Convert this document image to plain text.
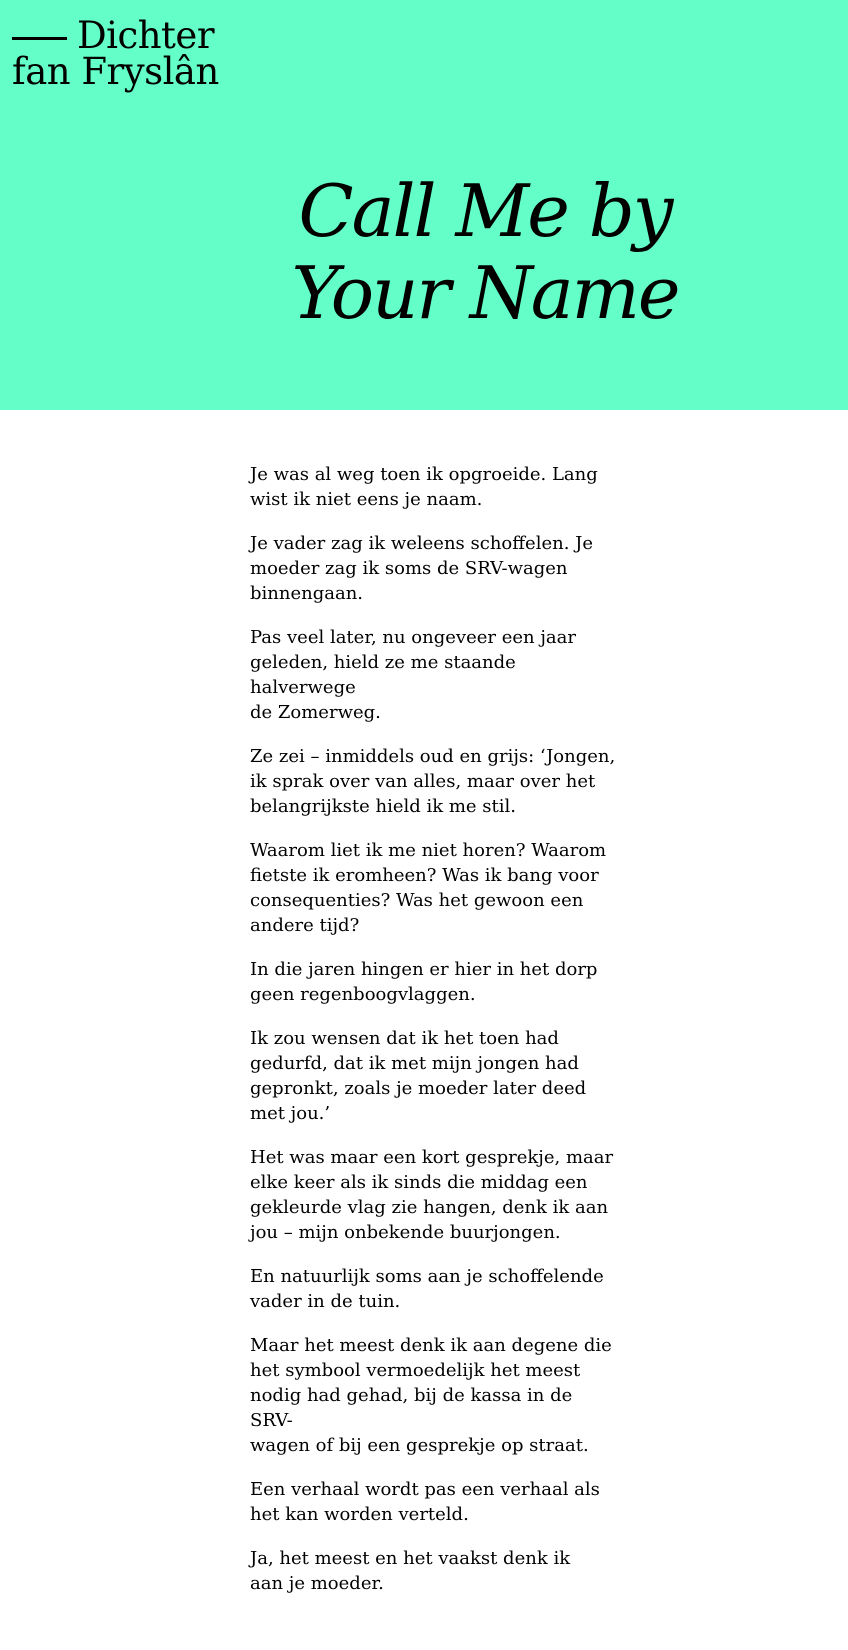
Dichter
fan Fryslân
Call Me by
Your Name

Je was al weg toen ik opgroeide. Lang
wist ik niet eens je naam.

Je vader zag ik weleens schoffelen. Je
moeder zag ik soms de SRV-wagen
binnengaan.

Pas veel later, nu ongeveer een jaar
geleden, hield ze me staande halverwege
de Zomerweg.

Ze zei – inmiddels oud en grijs: ‘Jongen,
ik sprak over van alles, maar over het
belangrijkste hield ik me stil.

Waarom liet ik me niet horen? Waarom
fietste ik eromheen? Was ik bang voor
consequenties? Was het gewoon een
andere tijd?

In die jaren hingen er hier in het dorp
geen regenboogvlaggen.

Ik zou wensen dat ik het toen had
gedurfd, dat ik met mijn jongen had
gepronkt, zoals je moeder later deed
met jou.’

Het was maar een kort gesprekje, maar
elke keer als ik sinds die middag een
gekleurde vlag zie hangen, denk ik aan
jou – mijn onbekende buurjongen.

En natuurlijk soms aan je schoffelende
vader in de tuin.

Maar het meest denk ik aan degene die
het symbool vermoedelijk het meest
nodig had gehad, bij de kassa in de SRV-
wagen of bij een gesprekje op straat.

Een verhaal wordt pas een verhaal als
het kan worden verteld.

Ja, het meest en het vaakst denk ik
aan je moeder.
